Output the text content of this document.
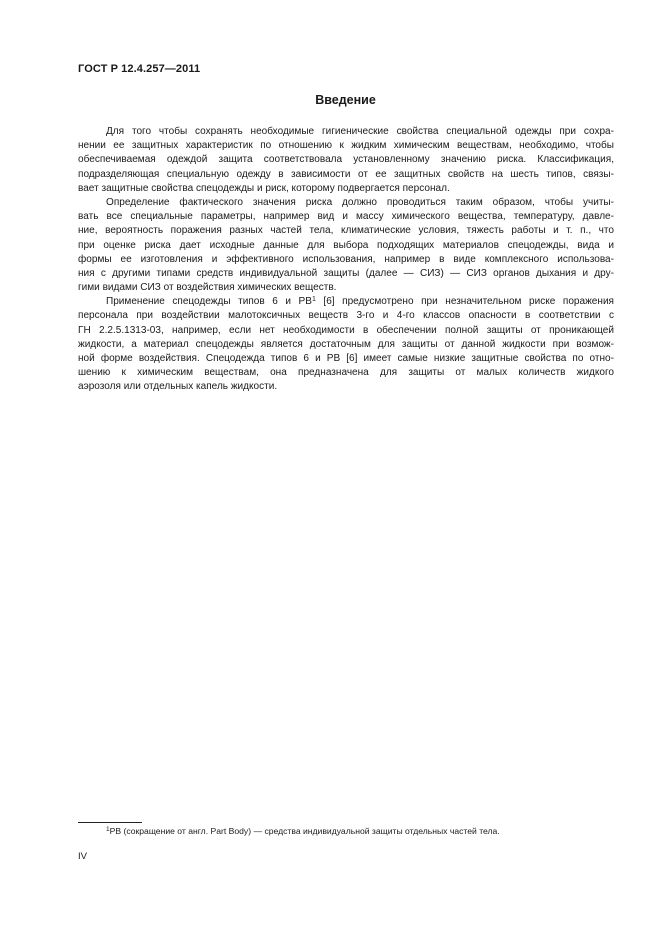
ГОСТ Р 12.4.257—2011
Введение
Для того чтобы сохранять необходимые гигиенические свойства специальной одежды при сохра-
нении ее защитных характеристик по отношению к жидким химическим веществам, необходимо, чтобы
обеспечиваемая одеждой защита соответствовала установленному значению риска. Классификация,
подразделяющая специальную одежду в зависимости от ее защитных свойств на шесть типов, связы-
вает защитные свойства спецодежды и риск, которому подвергается персонал.
Определение фактического значения риска должно проводиться таким образом, чтобы учиты-
вать все специальные параметры, например вид и массу химического вещества, температуру, давле-
ние, вероятность поражения разных частей тела, климатические условия, тяжесть работы и т. п., что
при оценке риска дает исходные данные для выбора подходящих материалов спецодежды, вида и
формы ее изготовления и эффективного использования, например в виде комплексного использова-
ния с другими типами средств индивидуальной защиты (далее — СИЗ) — СИЗ органов дыхания и дру-
гими видами СИЗ от воздействия химических веществ.
Применение спецодежды типов 6 и $РВ^1$ [6] предусмотрено при незначительном риске поражения
персонала при воздействии малотоксичных веществ 3-го и 4-го классов опасности в соответствии с
ГН 2.2.5.1313-03, например, если нет необходимости в обеспечении полной защиты от проникающей
жидкости, а материал спецодежды является достаточным для защиты от данной жидкости при возмож-
ной форме воздействия. Спецодежда типов 6 и РВ [6] имеет самые низкие защитные свойства по отно-
шению к химическим веществам, она предназначена для защиты от малых количеств жидкого
аэрозоля или отдельных капель жидкости.
$^1$РВ (сокращение от англ. Part Body) — средства индивидуальной защиты отдельных частей тела.
IV
